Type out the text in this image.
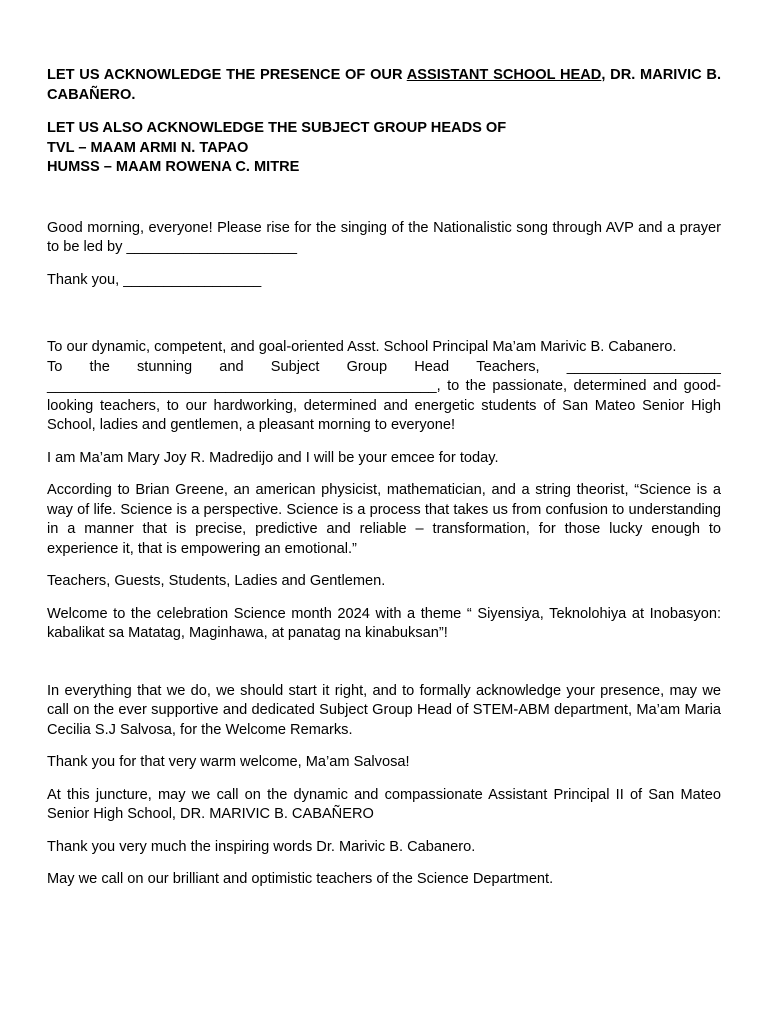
LET US ACKNOWLEDGE THE PRESENCE OF OUR ASSISTANT SCHOOL HEAD, DR. MARIVIC B. CABAÑERO.

LET US ALSO ACKNOWLEDGE THE SUBJECT GROUP HEADS OF
TVL – MAAM ARMI N. TAPAO
HUMSS – MAAM ROWENA C. MITRE

Good morning, everyone! Please rise for the singing of the Nationalistic song through AVP and a prayer to be led by _____________________

Thank you, _________________

To our dynamic, competent, and goal-oriented Asst. School Principal Ma’am Marivic B. Cabanero.
To the stunning and Subject Group Head Teachers, ___________________

________________________________________________, to the passionate, determined and good-looking teachers, to our hardworking, determined and energetic students of San Mateo Senior High School, ladies and gentlemen, a pleasant morning to everyone!

I am Ma’am Mary Joy R. Madredijo and I will be your emcee for today.

According to Brian Greene, an american physicist, mathematician, and a string theorist, “Science is a way of life. Science is a perspective. Science is a process that takes us from confusion to understanding in a manner that is precise, predictive and reliable – transformation, for those lucky enough to experience it, that is empowering an emotional.”

Teachers, Guests, Students, Ladies and Gentlemen.

Welcome to the celebration Science month 2024 with a theme “ Siyensiya, Teknolohiya at Inobasyon: kabalikat sa Matatag, Maginhawa, at panatag na kinabuksan”!

In everything that we do, we should start it right, and to formally acknowledge your presence, may we call on the ever supportive and dedicated Subject Group Head of STEM-ABM department, Ma’am Maria Cecilia S.J Salvosa, for the Welcome Remarks.

Thank you for that very warm welcome, Ma’am Salvosa!

At this juncture, may we call on the dynamic and compassionate Assistant Principal II of San Mateo Senior High School, DR. MARIVIC B. CABAÑERO

Thank you very much the inspiring words Dr. Marivic B. Cabanero.

May we call on our brilliant and optimistic teachers of the Science Department.
